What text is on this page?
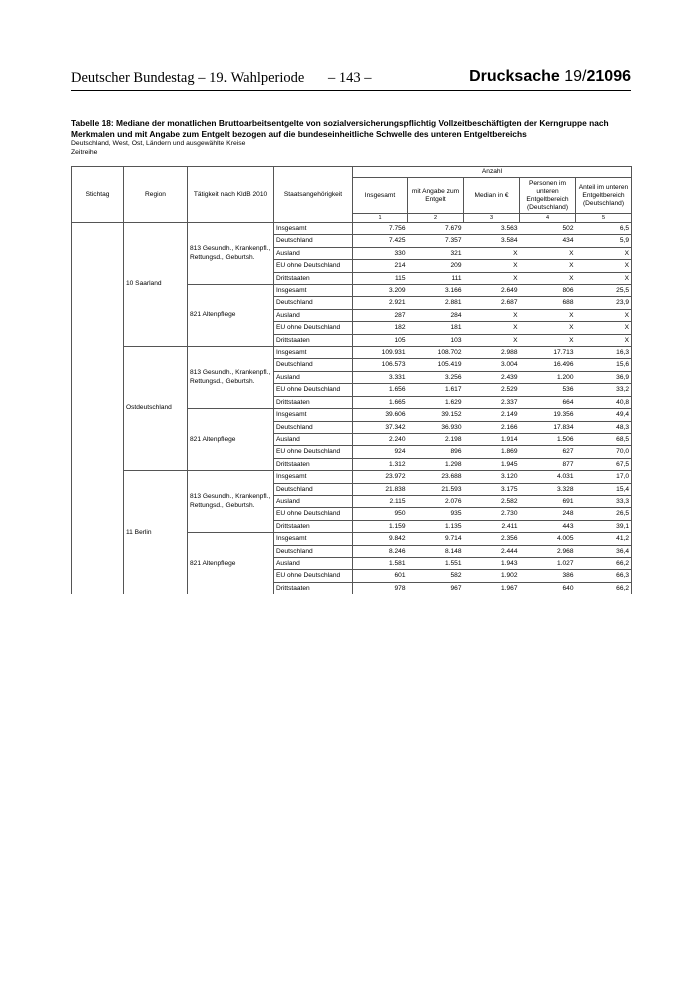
Deutscher Bundestag – 19. Wahlperiode – 143 –	Drucksache 19/21096
Tabelle 18: Mediane der monatlichen Bruttoarbeitsentgelte von sozialversicherungspflichtig Vollzeitbeschäftigten der Kerngruppe nach Merkmalen und mit Angabe zum Entgelt bezogen auf die bundeseinheitliche Schwelle des unteren Entgeltbereichs
Deutschland, West, Ost, Ländern und ausgewählte Kreise
Zeitreihe
Stichtag	Region	Tätigkeit nach KldB 2010	Staatsangehörigkeit	Anzahl				
				Insgesamt	mit Angabe zum Entgelt	Median in €	Personen im unteren Entgeltbereich (Deutschland)	Anteil im unteren Entgeltbereich (Deutschland)
				1	2	3	4	5
	10 Saarland	813 Gesundh., Krankenpfl., Rettungsd., Geburtsh.	Insgesamt	7.756	7.679	3.563	502	6,5
			Deutschland	7.425	7.357	3.584	434	5,9
			Ausland	330	321	X	X	X
			EU ohne Deutschland	214	209	X	X	X
			Drittstaaten	115	111	X	X	X
		821 Altenpflege	Insgesamt	3.209	3.166	2.649	806	25,5
			Deutschland	2.921	2.881	2.687	688	23,9
			Ausland	287	284	X	X	X
			EU ohne Deutschland	182	181	X	X	X
			Drittstaaten	105	103	X	X	X
	Ostdeutschland	813 Gesundh., Krankenpfl., Rettungsd., Geburtsh.	Insgesamt	109.931	108.702	2.988	17.713	16,3
			Deutschland	106.573	105.419	3.004	16.496	15,6
			Ausland	3.331	3.256	2.439	1.200	36,9
			EU ohne Deutschland	1.656	1.617	2.529	536	33,2
			Drittstaaten	1.665	1.629	2.337	664	40,8
		821 Altenpflege	Insgesamt	39.606	39.152	2.149	19.356	49,4
			Deutschland	37.342	36.930	2.166	17.834	48,3
			Ausland	2.240	2.198	1.914	1.506	68,5
			EU ohne Deutschland	924	896	1.869	627	70,0
			Drittstaaten	1.312	1.298	1.945	877	67,5
	11 Berlin	813 Gesundh., Krankenpfl., Rettungsd., Geburtsh.	Insgesamt	23.972	23.688	3.120	4.031	17,0
			Deutschland	21.838	21.593	3.175	3.328	15,4
			Ausland	2.115	2.076	2.582	691	33,3
			EU ohne Deutschland	950	935	2.730	248	26,5
			Drittstaaten	1.159	1.135	2.411	443	39,1
		821 Altenpflege	Insgesamt	9.842	9.714	2.356	4.005	41,2
			Deutschland	8.246	8.148	2.444	2.968	36,4
			Ausland	1.581	1.551	1.943	1.027	66,2
			EU ohne Deutschland	601	582	1.902	386	66,3
			Drittstaaten	978	967	1.967	640	66,2
